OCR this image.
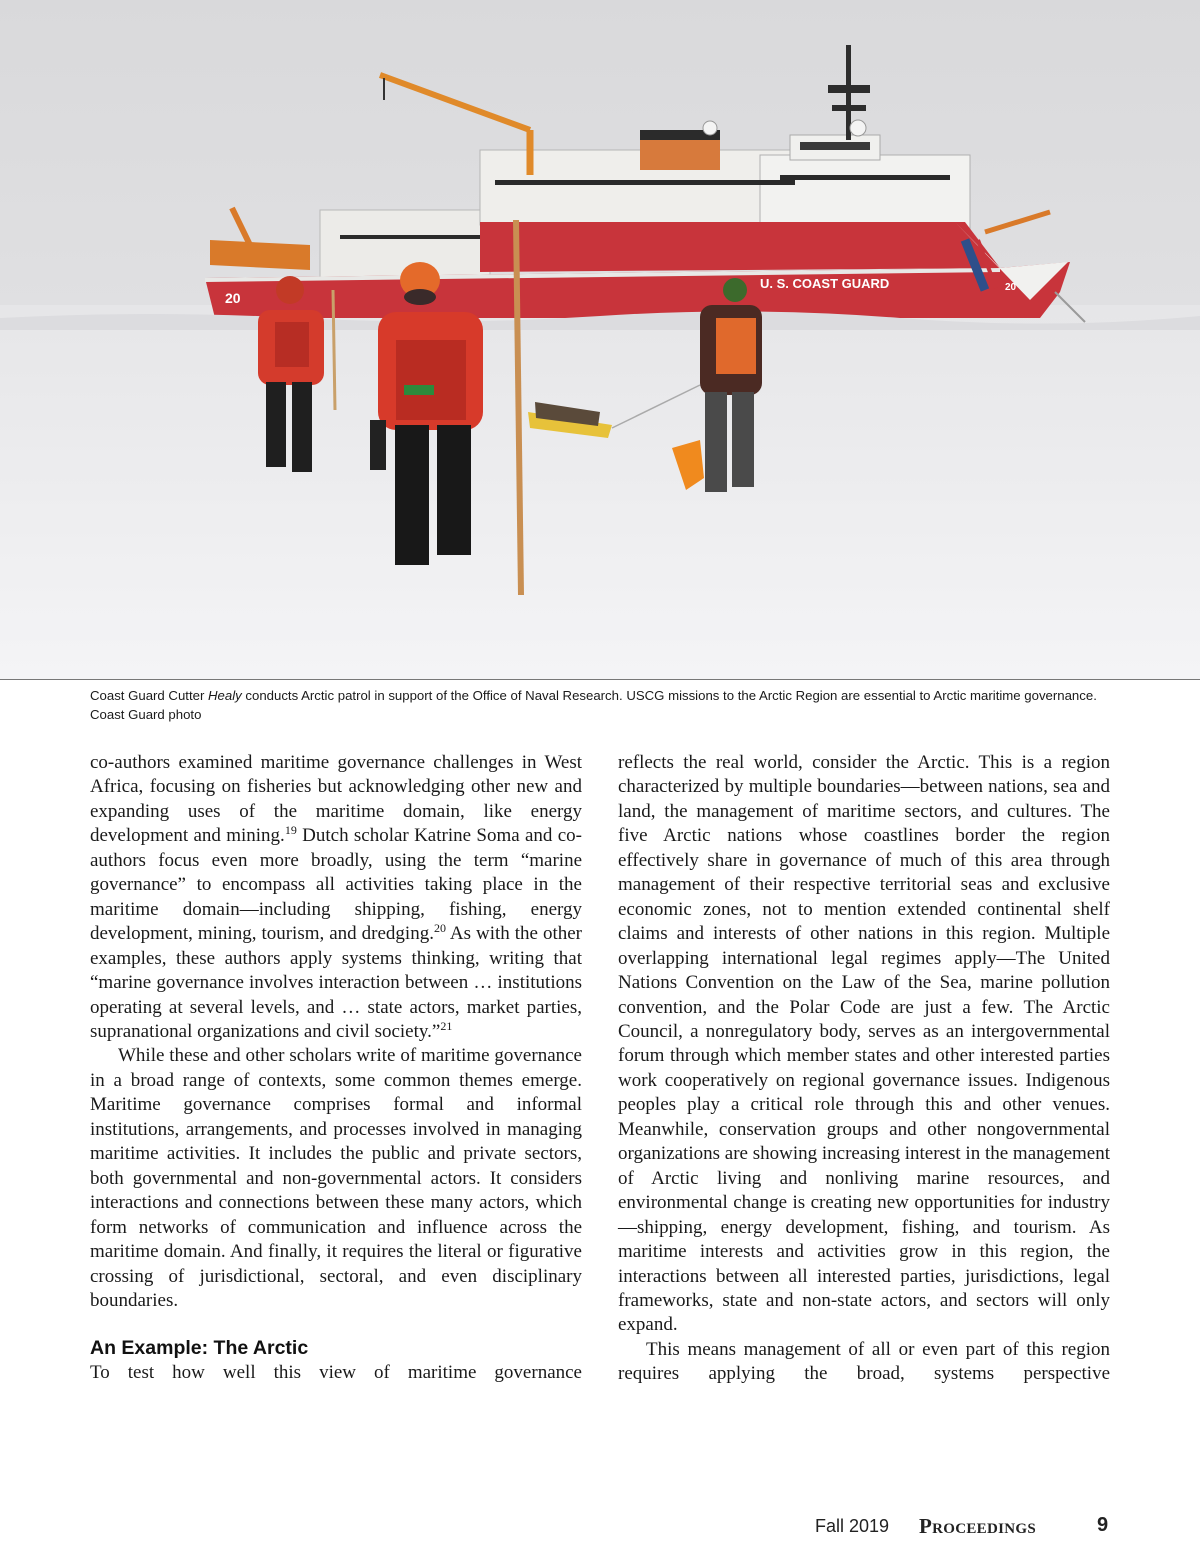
U. S. COAST GUARD
20
20
Coast Guard Cutter Healy conducts Arctic patrol in support of the Office of Naval Research. USCG missions to the Arctic Region are essential to Arctic maritime governance. Coast Guard photo

co-authors examined maritime governance challenges in West Africa, focusing on fisheries but acknowledging other new and expanding uses of the maritime domain, like energy development and mining.$^{19}$ Dutch scholar Katrine Soma and co-authors focus even more broadly, using the term “marine governance” to encompass all activities taking place in the maritime domain—including shipping, fishing, energy development, mining, tourism, and dredging.$^{20}$ As with the other examples, these authors apply systems thinking, writing that “marine governance involves interaction between … institutions operating at several levels, and … state actors, market parties, supranational organizations and civil society.”$^{21}$

While these and other scholars write of maritime governance in a broad range of contexts, some common themes emerge. Maritime governance comprises formal and informal institutions, arrangements, and processes involved in managing maritime activities. It includes the public and private sectors, both governmental and non-governmental actors. It considers interactions and connections between these many actors, which form networks of communication and influence across the maritime domain. And finally, it requires the literal or figurative crossing of jurisdictional, sectoral, and even disciplinary boundaries.

An Example: The Arctic

To test how well this view of maritime governance

reflects the real world, consider the Arctic. This is a region characterized by multiple boundaries—between nations, sea and land, the management of maritime sectors, and cultures. The five Arctic nations whose coastlines border the region effectively share in governance of much of this area through management of their respective territorial seas and exclusive economic zones, not to mention extended continental shelf claims and interests of other nations in this region. Multiple overlapping international legal regimes apply—The United Nations Convention on the Law of the Sea, marine pollution convention, and the Polar Code are just a few. The Arctic Council, a nonregulatory body, serves as an intergovernmental forum through which member states and other interested parties work cooperatively on regional governance issues. Indigenous peoples play a critical role through this and other venues. Meanwhile, conservation groups and other nongovernmental organizations are showing increasing interest in the management of Arctic living and nonliving marine resources, and environmental change is creating new opportunities for industry—shipping, energy development, fishing, and tourism. As maritime interests and activities grow in this region, the interactions between all interested parties, jurisdictions, legal frameworks, state and non-state actors, and sectors will only expand.

This means management of all or even part of this region requires applying the broad, systems perspective

Fall 2019 Proceedings	9
